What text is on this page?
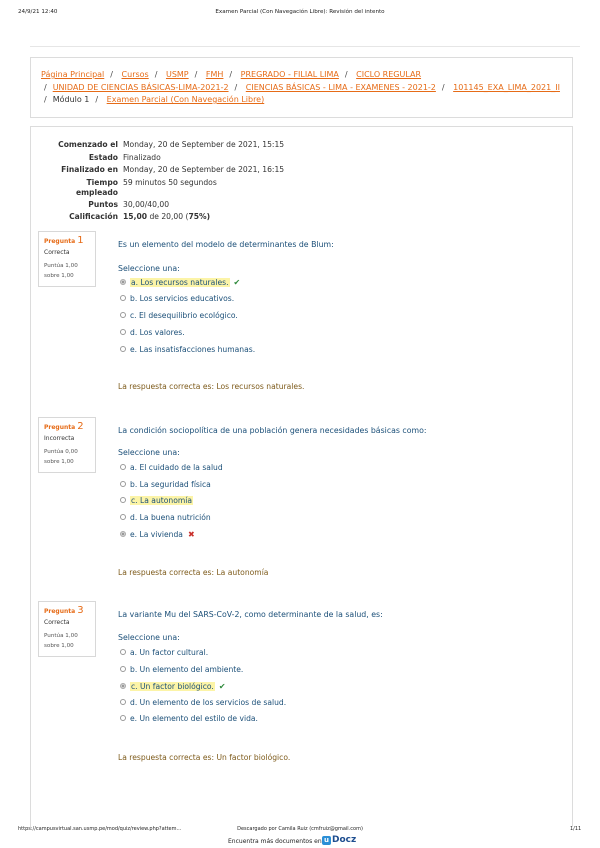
24/9/21 12:40	Examen Parcial (Con Navegación Libre): Revisión del intento
Página Principal / Cursos / USMP / FMH / PREGRADO - FILIAL LIMA / CICLO REGULAR
/ UNIDAD DE CIENCIAS BÁSICAS-LIMA-2021-2 / CIENCIAS BÁSICAS - LIMA - EXAMENES - 2021-2 / 101145_EXA_LIMA_2021_II
/ Módulo 1 / Examen Parcial (Con Navegación Libre)
Comenzado el Monday, 20 de September de 2021, 15:15
Estado Finalizado
Finalizado en Monday, 20 de September de 2021, 16:15
Tiempo 59 minutos 50 segundos
empleado
Puntos 30,00/40,00
Calificación 15,00 de 20,00 (75%)
Pregunta 1
Correcta
Puntúa 1,00
sobre 1,00
Es un elemento del modelo de determinantes de Blum:
Seleccione una:
a. Los recursos naturales. ✔
b. Los servicios educativos.
c. El desequilibrio ecológico.
d. Los valores.
e. Las insatisfacciones humanas.
La respuesta correcta es: Los recursos naturales.
Pregunta 2
Incorrecta
Puntúa 0,00
sobre 1,00
La condición sociopolítica de una población genera necesidades básicas como:
Seleccione una:
a. El cuidado de la salud
b. La seguridad física
c. La autonomía
d. La buena nutrición
e. La vivienda ✖
La respuesta correcta es: La autonomía
Pregunta 3
Correcta
Puntúa 1,00
sobre 1,00
La variante Mu del SARS-CoV-2, como determinante de la salud, es:
Seleccione una:
a. Un factor cultural.
b. Un elemento del ambiente.
c. Un factor biológico. ✔
d. Un elemento de los servicios de salud.
e. Un elemento del estilo de vida.
La respuesta correcta es: Un factor biológico.
https://campusvirtual.san.usmp.pe/mod/quiz/review.php?attem...	Descargado por Camila Ruiz (cmfruiz@gmail.com)	1/11
Encuentra más documentos en u Docz
